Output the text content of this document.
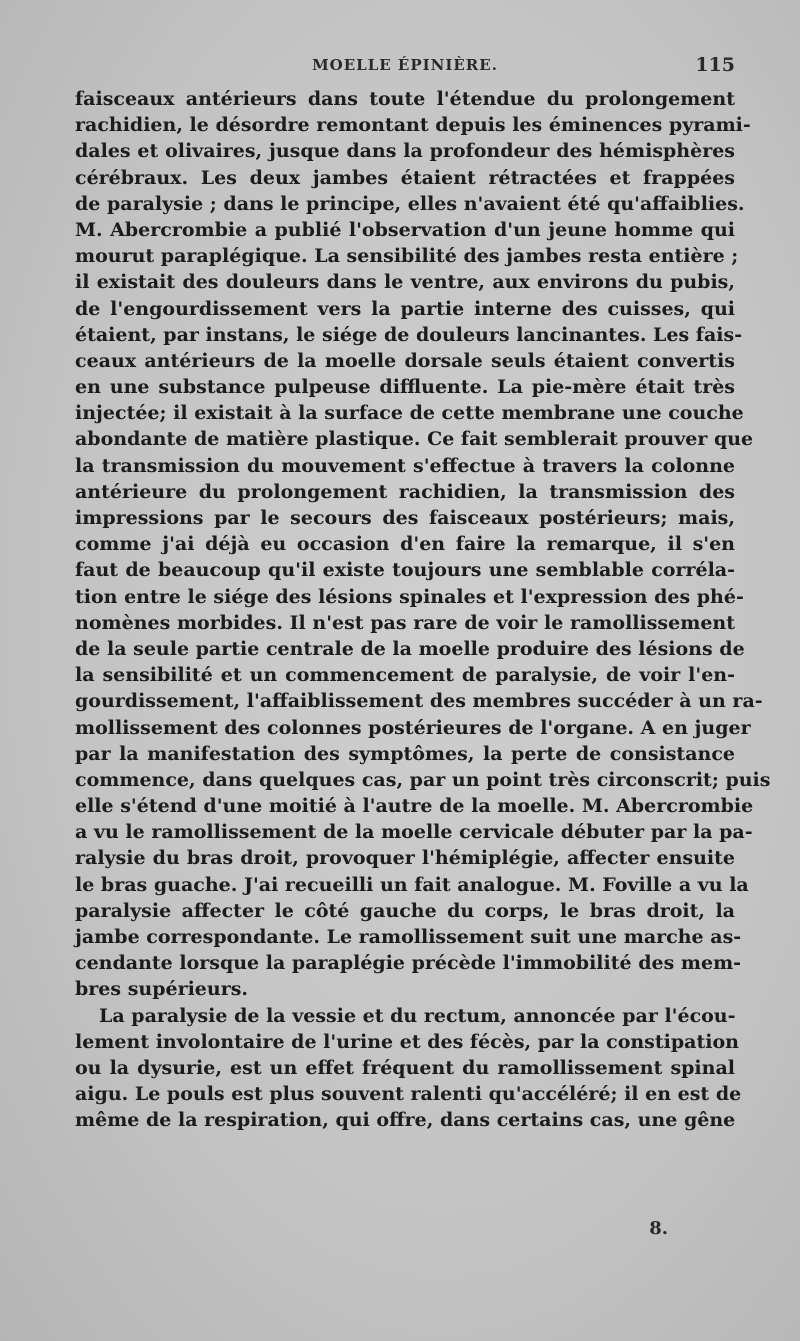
MOELLE ÉPINIÈRE.	115
faisceaux antérieurs dans toute l'étendue du prolongement
rachidien, le désordre remontant depuis les éminences pyrami-
dales et olivaires, jusque dans la profondeur des hémisphères
cérébraux. Les deux jambes étaient rétractées et frappées
de paralysie ; dans le principe, elles n'avaient été qu'affaiblies.
M. Abercrombie a publié l'observation d'un jeune homme qui
mourut paraplégique. La sensibilité des jambes resta entière ;
il existait des douleurs dans le ventre, aux environs du pubis,
de l'engourdissement vers la partie interne des cuisses, qui
étaient, par instans, le siége de douleurs lancinantes. Les fais-
ceaux antérieurs de la moelle dorsale seuls étaient convertis
en une substance pulpeuse diffluente. La pie-mère était très
injectée; il existait à la surface de cette membrane une couche
abondante de matière plastique. Ce fait semblerait prouver que
la transmission du mouvement s'effectue à travers la colonne
antérieure du prolongement rachidien, la transmission des
impressions par le secours des faisceaux postérieurs; mais,
comme j'ai déjà eu occasion d'en faire la remarque, il s'en
faut de beaucoup qu'il existe toujours une semblable corréla-
tion entre le siége des lésions spinales et l'expression des phé-
nomènes morbides. Il n'est pas rare de voir le ramollissement
de la seule partie centrale de la moelle produire des lésions de
la sensibilité et un commencement de paralysie, de voir l'en-
gourdissement, l'affaiblissement des membres succéder à un ra-
mollissement des colonnes postérieures de l'organe. A en juger
par la manifestation des symptômes, la perte de consistance
commence, dans quelques cas, par un point très circonscrit; puis
elle s'étend d'une moitié à l'autre de la moelle. M. Abercrombie
a vu le ramollissement de la moelle cervicale débuter par la pa-
ralysie du bras droit, provoquer l'hémiplégie, affecter ensuite
le bras guache. J'ai recueilli un fait analogue. M. Foville a vu la
paralysie affecter le côté gauche du corps, le bras droit, la
jambe correspondante. Le ramollissement suit une marche as-
cendante lorsque la paraplégie précède l'immobilité des mem-
bres supérieurs.
La paralysie de la vessie et du rectum, annoncée par l'écou-
lement involontaire de l'urine et des fécès, par la constipation
ou la dysurie, est un effet fréquent du ramollissement spinal
aigu. Le pouls est plus souvent ralenti qu'accéléré; il en est de
même de la respiration, qui offre, dans certains cas, une gêne
8.
